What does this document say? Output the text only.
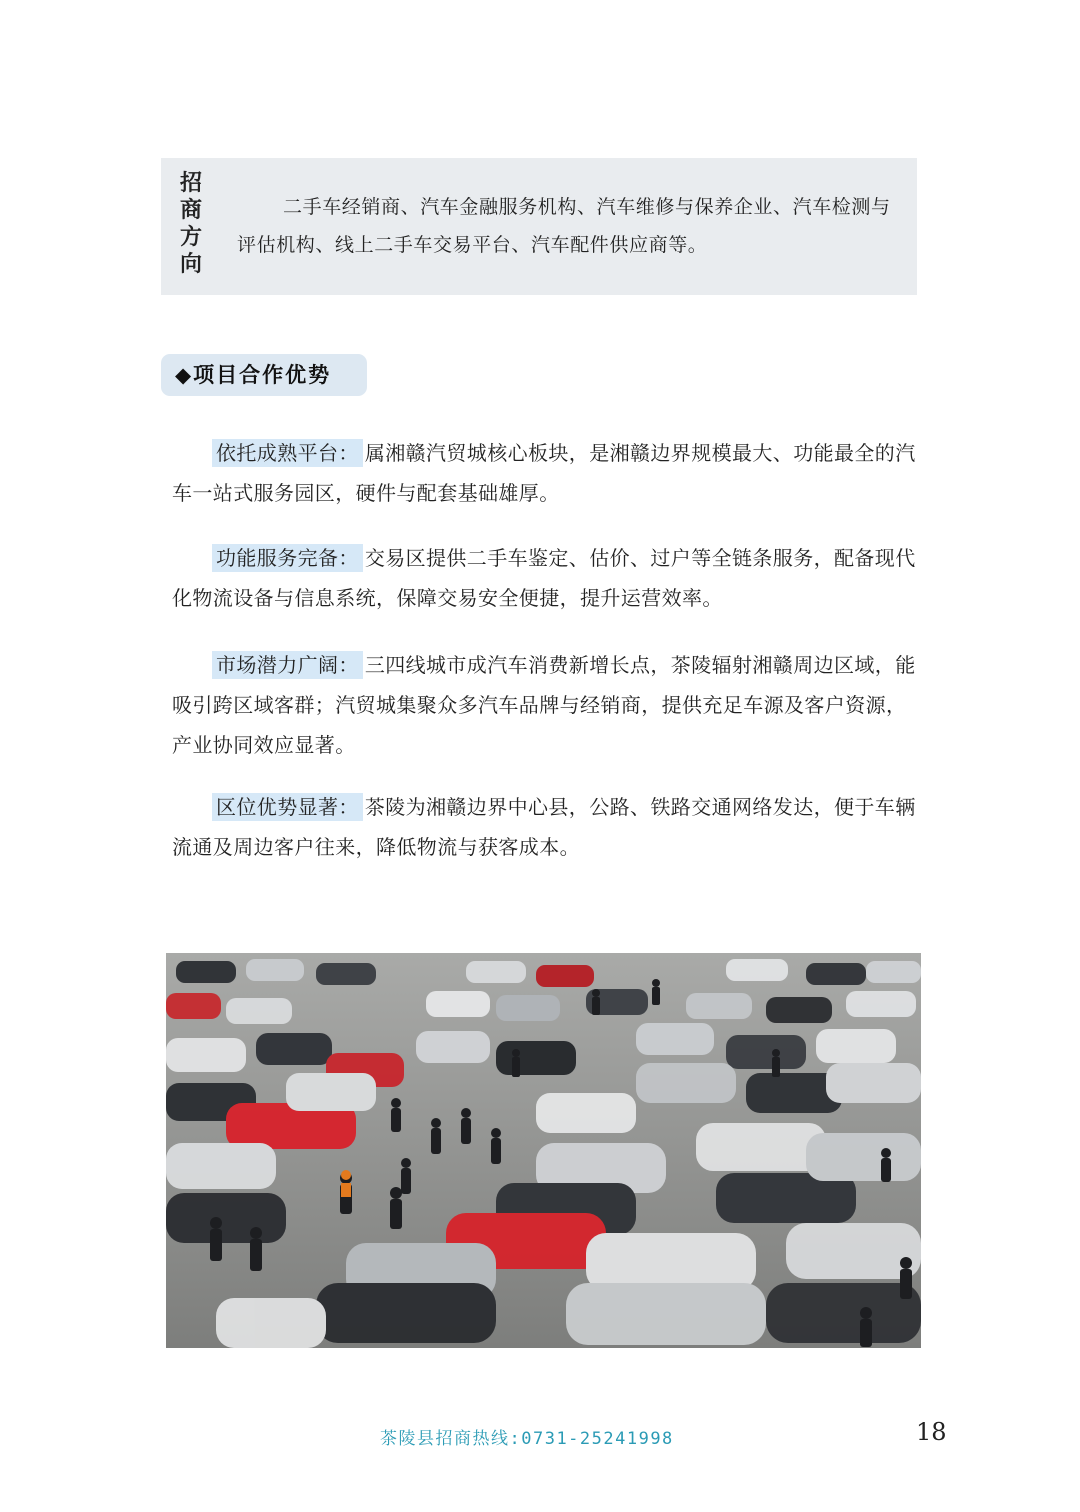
招
商
方
向
二手车经销商、汽车金融服务机构、汽车维修与保养企业、汽车检测与评估机构、线上二手车交易平台、汽车配件供应商等。
◆项目合作优势
依托成熟平台： 属湘赣汽贸城核心板块，是湘赣边界规模最大、功能最全的汽车一站式服务园区，硬件与配套基础雄厚。
功能服务完备： 交易区提供二手车鉴定、估价、过户等全链条服务，配备现代化物流设备与信息系统，保障交易安全便捷，提升运营效率。
市场潜力广阔： 三四线城市成汽车消费新增长点，茶陵辐射湘赣周边区域，能吸引跨区域客群；汽贸城集聚众多汽车品牌与经销商，提供充足车源及客户资源，产业协同效应显著。
区位优势显著： 茶陵为湘赣边界中心县，公路、铁路交通网络发达，便于车辆流通及周边客户往来，降低物流与获客成本。
茶陵县招商热线:0731-25241998	18
